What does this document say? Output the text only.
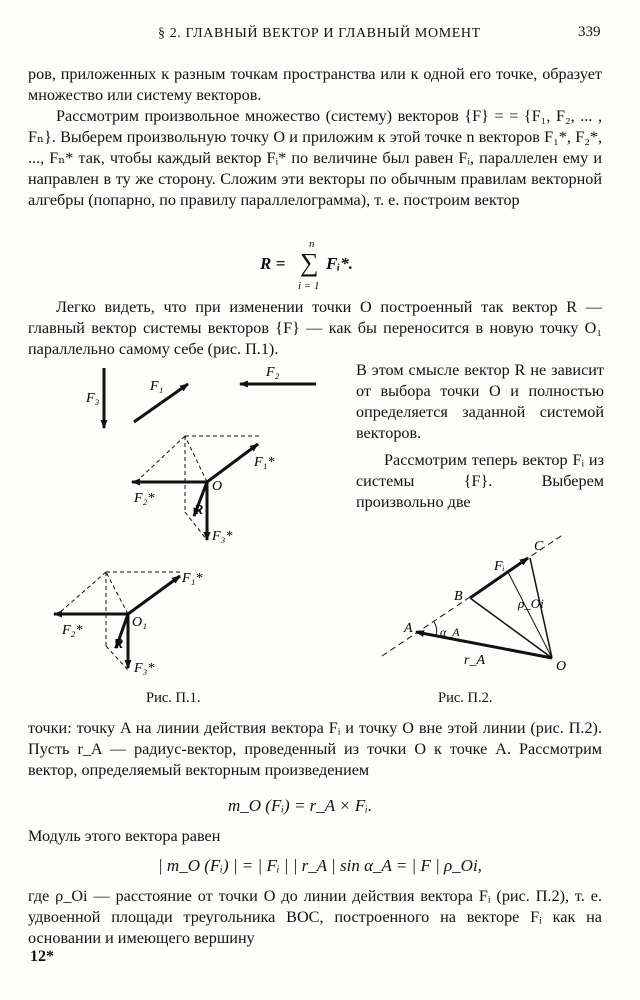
§ 2. ГЛАВНЫЙ ВЕКТОР И ГЛАВНЫЙ МОМЕНТ	339

ров, приложенных к разным точкам пространства или к одной его точке, образует множество или систему векторов.

Рассмотрим произвольное множество (систему) векторов {F} = = {F₁, F₂, ... , Fₙ}. Выберем произвольную точку O и приложим к этой точке n векторов F₁*, F₂*, ..., Fₙ* так, чтобы каждый вектор Fᵢ* по величине был равен Fᵢ, параллелен ему и направлен в ту же сторону. Сложим эти векторы по обычным правилам векторной алгебры (попарно, по правилу параллелограмма), т. е. построим вектор

R =
n
∑
i = 1
Fᵢ*.

Легко видеть, что при изменении точки O построенный так вектор R — главный вектор системы векторов {F} — как бы переносится в новую точку O₁ параллельно самому себе (рис. П.1).

В этом смысле вектор R не зависит от выбора точки O и полностью определяется заданной системой векторов.

Рассмотрим теперь вектор Fᵢ из системы {F}. Выберем произвольно две

F₃
F₁
F₂
F₁*
F₂*
F₃*
O
R
F₁*
F₂*
F₃*
O₁
R
Рис. П.1.
C
Fᵢ
B	ρ_Oi
A α_A
r_A	O
Рис. П.2.

точки: точку A на линии действия вектора Fᵢ и точку O вне этой линии (рис. П.2). Пусть r_A — радиус-вектор, проведенный из точки O к точке A. Рассмотрим вектор, определяемый векторным произведением

m_O (Fᵢ) = r_A × Fᵢ.

Модуль этого вектора равен

| m_O (Fᵢ) | = | Fᵢ | | r_A | sin α_A = | F | ρ_Oi,

где ρ_Oi — расстояние от точки O до линии действия вектора Fᵢ (рис. П.2), т. е. удвоенной площади треугольника BOC, построенного на векторе Fᵢ как на основании и имеющего вершину

12*
